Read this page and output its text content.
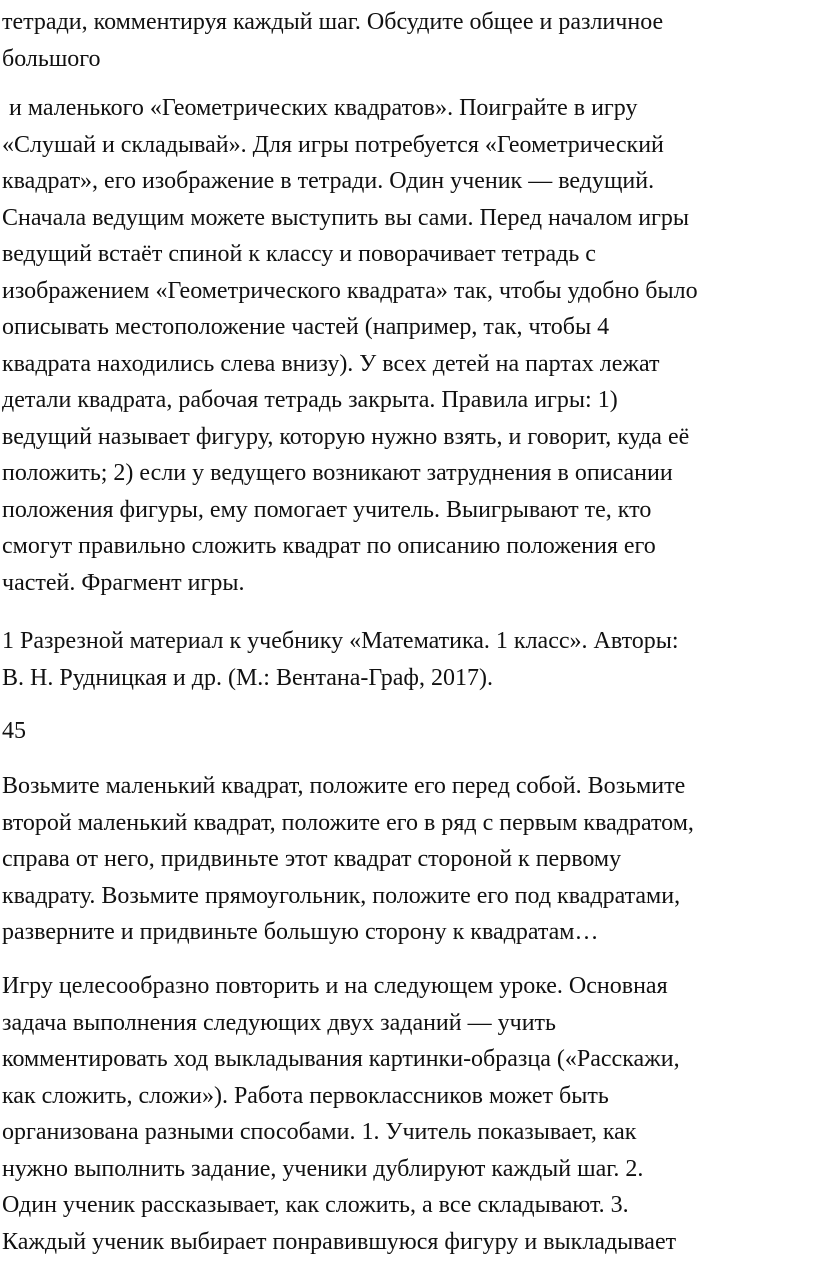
тетради, комментируя каждый шаг. Обсудите общее и различное
большого

и маленького «Геометрических квадратов». Поиграйте в игру
«Слушай и складывай». Для игры потребуется «Геометрический
квадрат», его изображение в тетради. Один ученик — ведущий.
Сначала ведущим можете выступить вы сами. Перед началом игры
ведущий встаёт спиной к классу и поворачивает тетрадь с
изображением «Геометрического квадрата» так, чтобы удобно было
описывать местоположение частей (например, так, чтобы 4
квадрата находились слева внизу). У всех детей на партах лежат
детали квадрата, рабочая тетрадь закрыта. Правила игры: 1)
ведущий называет фигуру, которую нужно взять, и говорит, куда её
положить; 2) если у ведущего возникают затруднения в описании
положения фигуры, ему помогает учитель. Выигрывают те, кто
смогут правильно сложить квадрат по описанию положения его
частей. Фрагмент игры.

1 Разрезной материал к учебнику «Математика. 1 класс». Авторы:
В. Н. Рудницкая и др. (М.: Вентана-Граф, 2017).

45

Возьмите маленький квадрат, положите его перед собой. Возьмите
второй маленький квадрат, положите его в ряд с первым квадратом,
справа от него, придвиньте этот квадрат стороной к первому
квадрату. Возьмите прямоугольник, положите его под квадратами,
разверните и придвиньте большую сторону к квадратам…

Игру целесообразно повторить и на следующем уроке. Основная
задача выполнения следующих двух заданий — учить
комментировать ход выкладывания картинки-образца («Расскажи,
как сложить, сложи»). Работа первоклассников может быть
организована разными способами. 1. Учитель показывает, как
нужно выполнить задание, ученики дублируют каждый шаг. 2.
Один ученик рассказывает, как сложить, а все складывают. 3.
Каждый ученик выбирает понравившуюся фигуру и выкладывает
